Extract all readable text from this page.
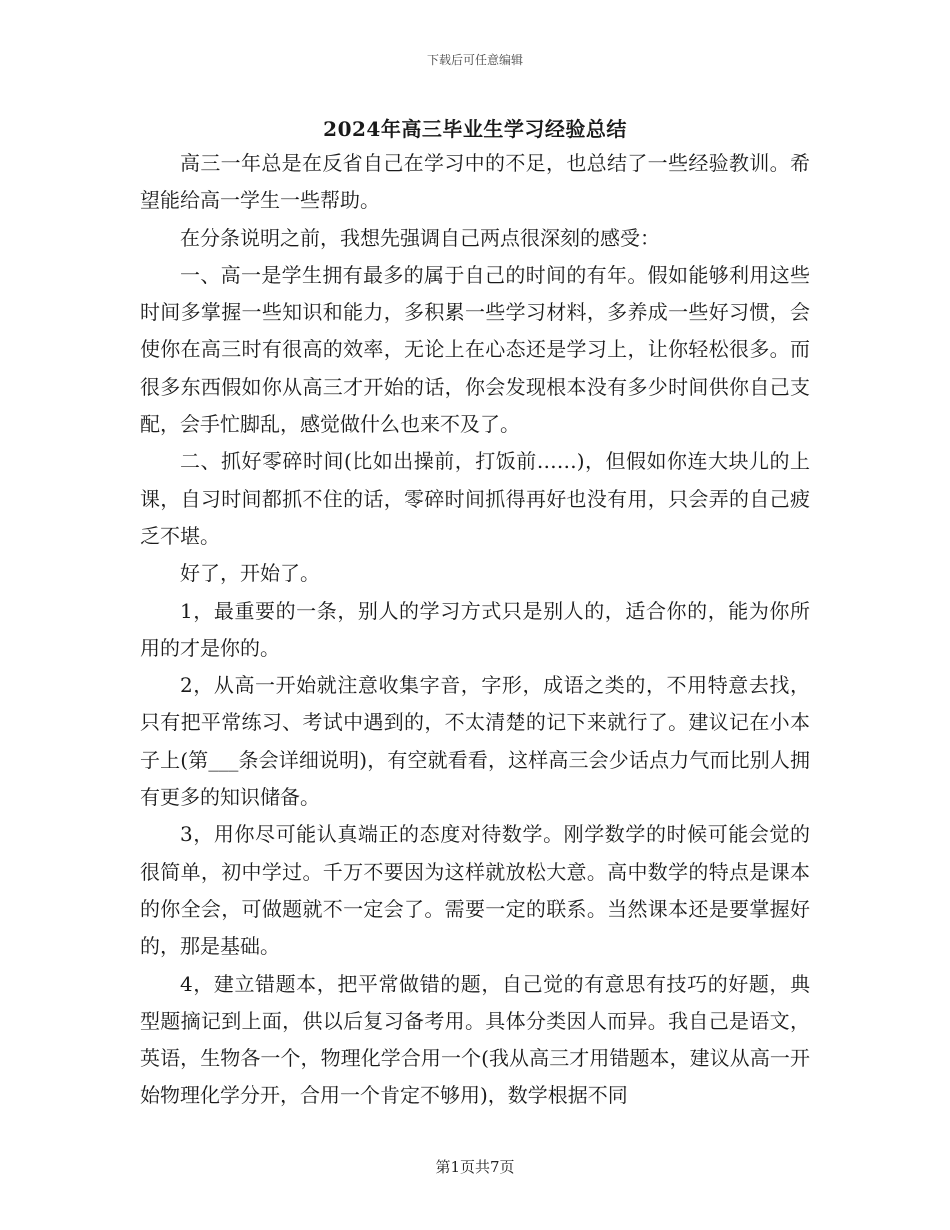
下载后可任意编辑
2024年高三毕业生学习经验总结

高三一年总是在反省自己在学习中的不足，也总结了一些经验教训。希望能给高一学生一些帮助。

在分条说明之前，我想先强调自己两点很深刻的感受：

一、高一是学生拥有最多的属于自己的时间的有年。假如能够利用这些时间多掌握一些知识和能力，多积累一些学习材料，多养成一些好习惯，会使你在高三时有很高的效率，无论上在心态还是学习上，让你轻松很多。而很多东西假如你从高三才开始的话，你会发现根本没有多少时间供你自己支配，会手忙脚乱，感觉做什么也来不及了。

二、抓好零碎时间(比如出操前，打饭前……)，但假如你连大块儿的上课，自习时间都抓不住的话，零碎时间抓得再好也没有用，只会弄的自己疲乏不堪。

好了，开始了。

1，最重要的一条，别人的学习方式只是别人的，适合你的，能为你所用的才是你的。

2，从高一开始就注意收集字音，字形，成语之类的，不用特意去找，只有把平常练习、考试中遇到的，不太清楚的记下来就行了。建议记在小本子上(第___条会详细说明)，有空就看看，这样高三会少话点力气而比别人拥有更多的知识储备。

3，用你尽可能认真端正的态度对待数学。刚学数学的时候可能会觉的很简单，初中学过。千万不要因为这样就放松大意。高中数学的特点是课本的你全会，可做题就不一定会了。需要一定的联系。当然课本还是要掌握好的，那是基础。

4，建立错题本，把平常做错的题，自己觉的有意思有技巧的好题，典型题摘记到上面，供以后复习备考用。具体分类因人而异。我自己是语文，英语，生物各一个，物理化学合用一个(我从高三才用错题本，建议从高一开始物理化学分开，合用一个肯定不够用)，数学根据不同

第1页共7页
